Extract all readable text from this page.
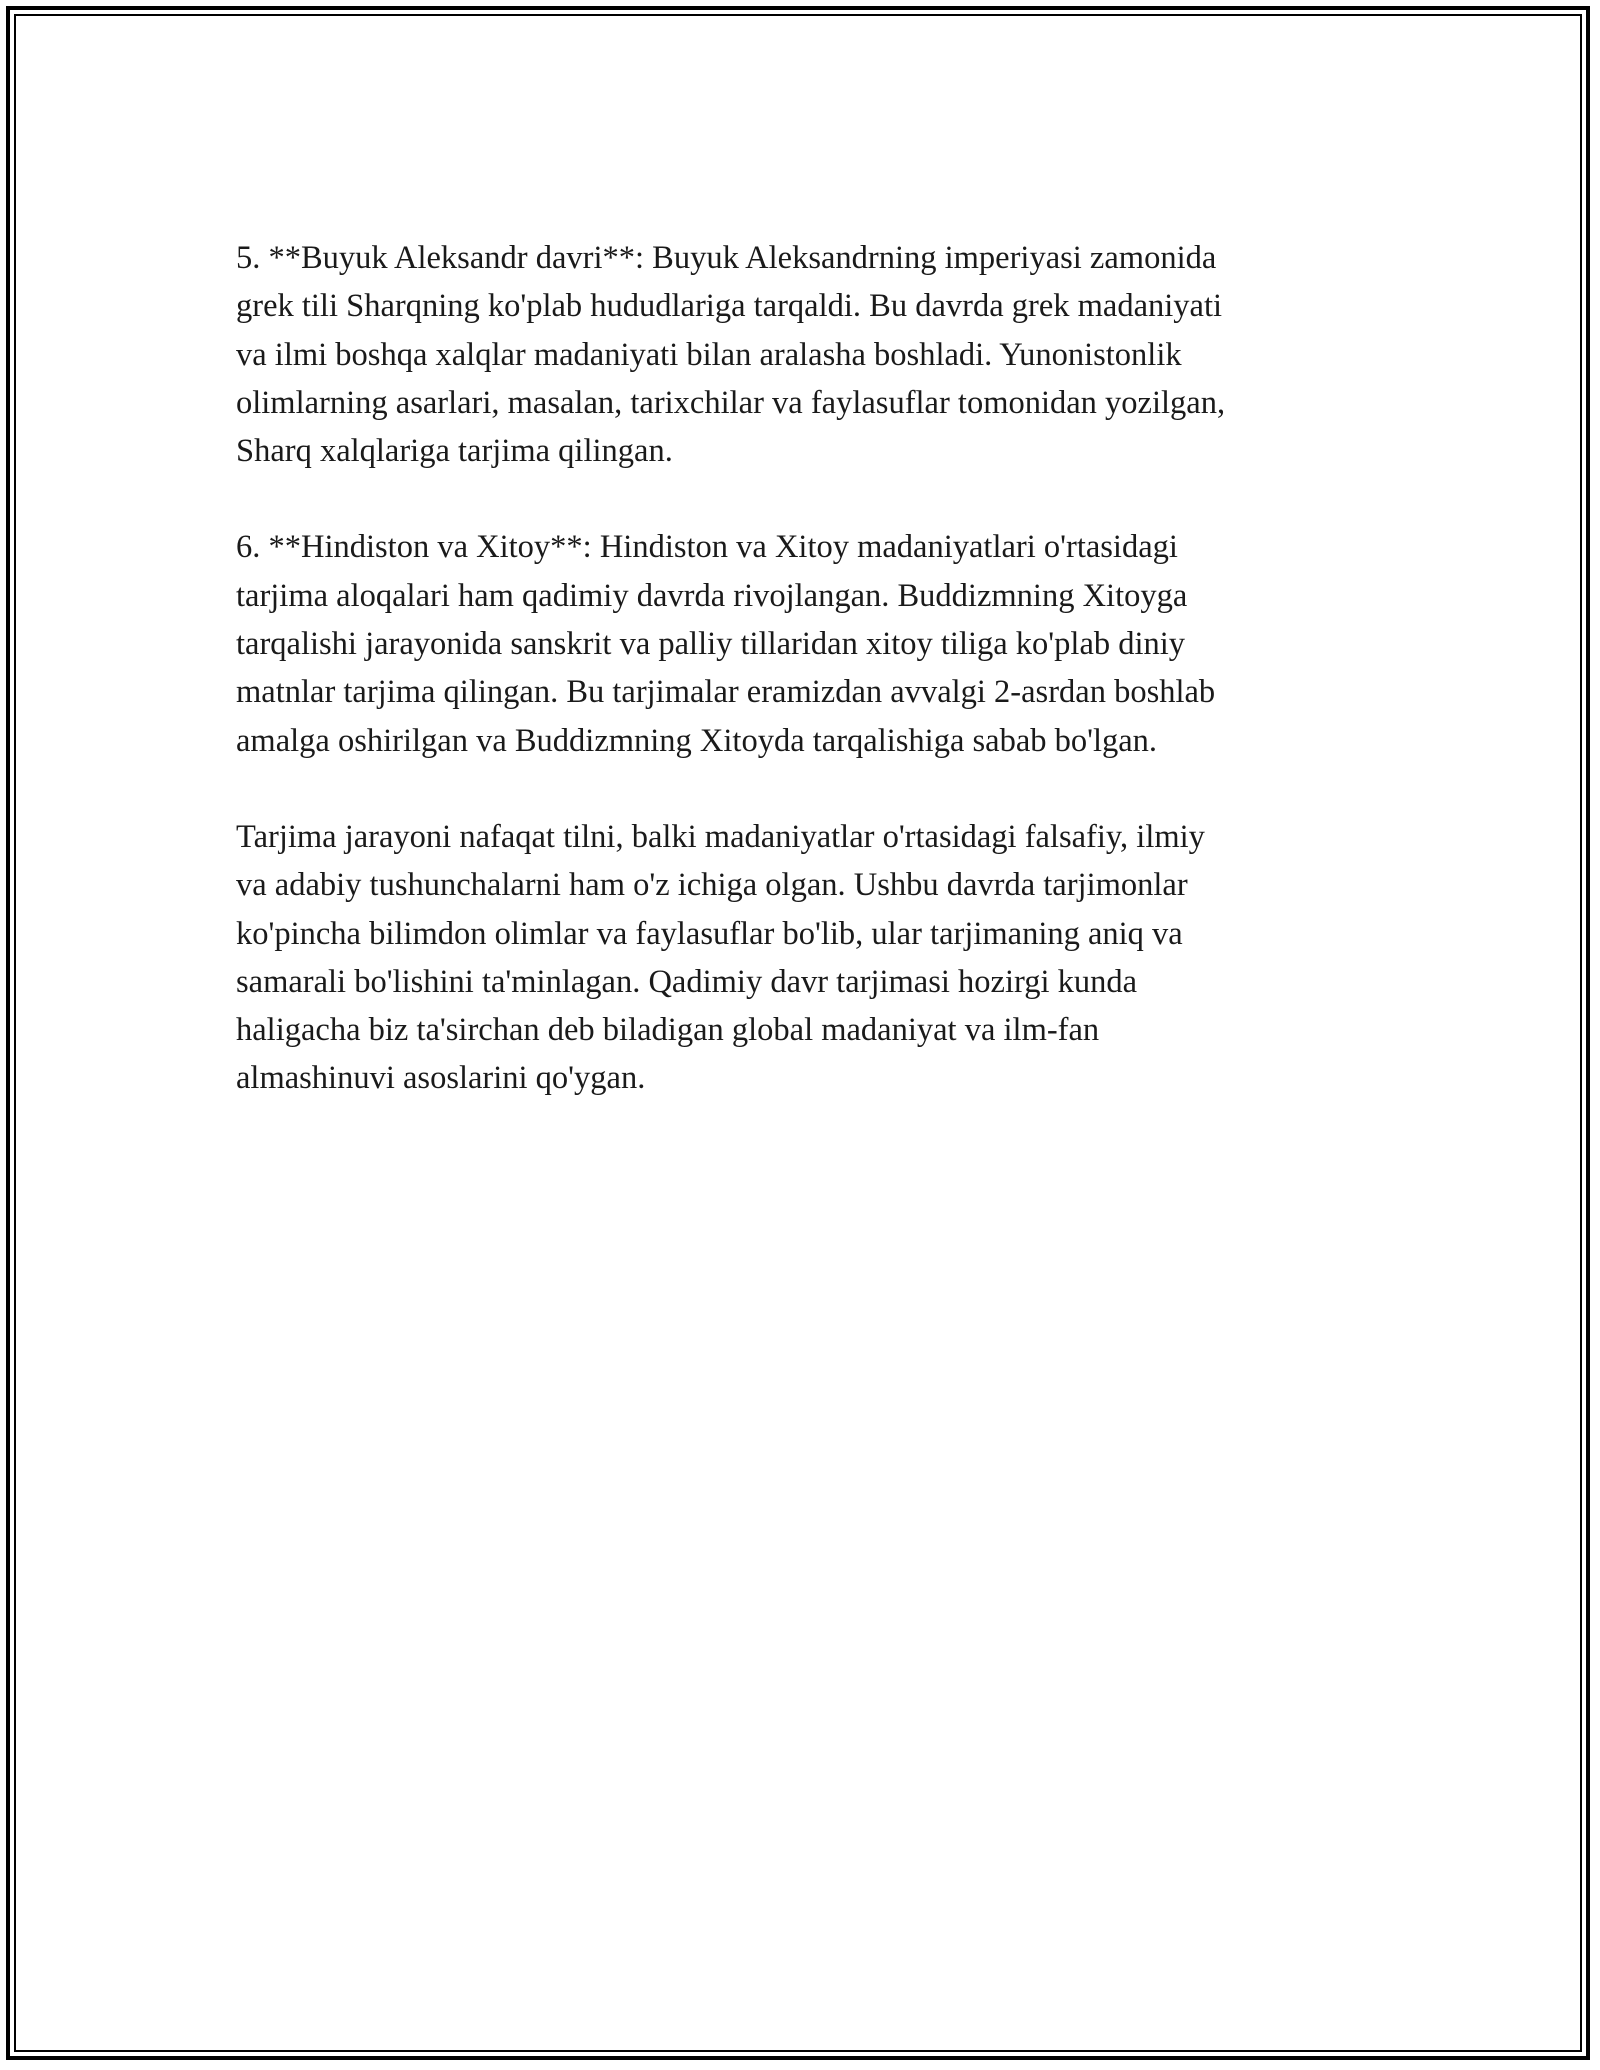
5. **Buyuk Aleksandr davri**: Buyuk Aleksandrning imperiyasi zamonida
grek tili Sharqning ko'plab hududlariga tarqaldi. Bu davrda grek madaniyati
va ilmi boshqa xalqlar madaniyati bilan aralasha boshladi. Yunonistonlik
olimlarning asarlari, masalan, tarixchilar va faylasuflar tomonidan yozilgan,
Sharq xalqlariga tarjima qilingan.

6. **Hindiston va Xitoy**: Hindiston va Xitoy madaniyatlari o'rtasidagi
tarjima aloqalari ham qadimiy davrda rivojlangan. Buddizmning Xitoyga
tarqalishi jarayonida sanskrit va palliy tillaridan xitoy tiliga ko'plab diniy
matnlar tarjima qilingan. Bu tarjimalar eramizdan avvalgi 2-asrdan boshlab
amalga oshirilgan va Buddizmning Xitoyda tarqalishiga sabab bo'lgan.

Tarjima jarayoni nafaqat tilni, balki madaniyatlar o'rtasidagi falsafiy, ilmiy
va adabiy tushunchalarni ham o'z ichiga olgan. Ushbu davrda tarjimonlar
ko'pincha bilimdon olimlar va faylasuflar bo'lib, ular tarjimaning aniq va
samarali bo'lishini ta'minlagan. Qadimiy davr tarjimasi hozirgi kunda
haligacha biz ta'sirchan deb biladigan global madaniyat va ilm-fan
almashinuvi asoslarini qo'ygan.
